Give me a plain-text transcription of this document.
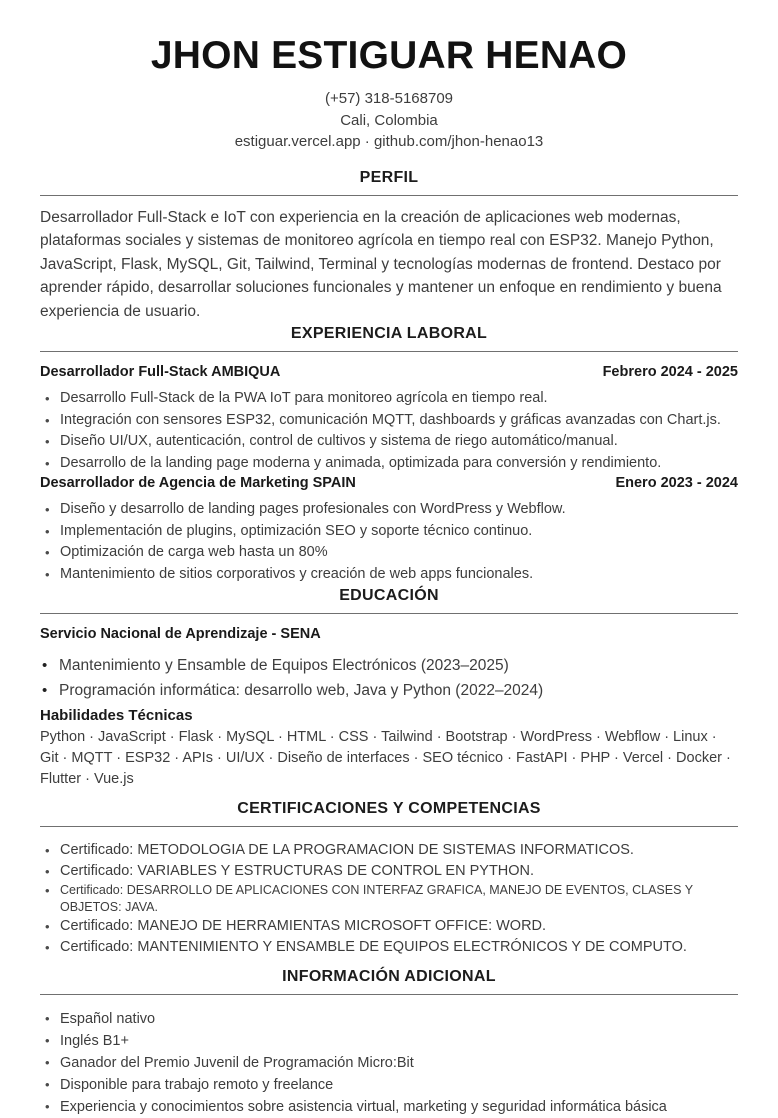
JHON ESTIGUAR HENAO
(+57) 318-5168709
Cali, Colombia
estiguar.vercel.app · github.com/jhon-henao13
PERFIL

Desarrollador Full-Stack e IoT con experiencia en la creación de aplicaciones web modernas, plataformas sociales y sistemas de monitoreo agrícola en tiempo real con ESP32. Manejo Python, JavaScript, Flask, MySQL, Git, Tailwind, Terminal y tecnologías modernas de frontend. Destaco por aprender rápido, desarrollar soluciones funcionales y mantener un enfoque en rendimiento y buena experiencia de usuario.

EXPERIENCIA LABORAL
Desarrollador Full-Stack AMBIQUA	Febrero 2024 - 2025
• Desarrollo Full-Stack de la PWA IoT para monitoreo agrícola en tiempo real.
• Integración con sensores ESP32, comunicación MQTT, dashboards y gráficas avanzadas con Chart.js.
• Diseño UI/UX, autenticación, control de cultivos y sistema de riego automático/manual.
• Desarrollo de la landing page moderna y animada, optimizada para conversión y rendimiento.
Desarrollador de Agencia de Marketing SPAIN	Enero 2023 - 2024
• Diseño y desarrollo de landing pages profesionales con WordPress y Webflow.
• Implementación de plugins, optimización SEO y soporte técnico continuo.
• Optimización de carga web hasta un 80%
• Mantenimiento de sitios corporativos y creación de web apps funcionales.
EDUCACIÓN
Servicio Nacional de Aprendizaje - SENA
• Mantenimiento y Ensamble de Equipos Electrónicos (2023–2025)
• Programación informática: desarrollo web, Java y Python (2022–2024)
Habilidades Técnicas
Python · JavaScript · Flask · MySQL · HTML · CSS · Tailwind · Bootstrap · WordPress · Webflow · Linux · Git · MQTT · ESP32 · APIs · UI/UX · Diseño de interfaces · SEO técnico · FastAPI · PHP · Vercel · Docker · Flutter · Vue.js
CERTIFICACIONES Y COMPETENCIAS
• Certificado: METODOLOGIA DE LA PROGRAMACION DE SISTEMAS INFORMATICOS.
• Certificado: VARIABLES Y ESTRUCTURAS DE CONTROL EN PYTHON.
• Certificado: DESARROLLO DE APLICACIONES CON INTERFAZ GRAFICA, MANEJO DE EVENTOS, CLASES Y OBJETOS: JAVA.
• Certificado: MANEJO DE HERRAMIENTAS MICROSOFT OFFICE: WORD.
• Certificado: MANTENIMIENTO Y ENSAMBLE DE EQUIPOS ELECTRÓNICOS Y DE COMPUTO.
INFORMACIÓN ADICIONAL
• Español nativo
• Inglés B1+
• Ganador del Premio Juvenil de Programación Micro:Bit
• Disponible para trabajo remoto y freelance
• Experiencia y conocimientos sobre asistencia virtual, marketing y seguridad informática básica
